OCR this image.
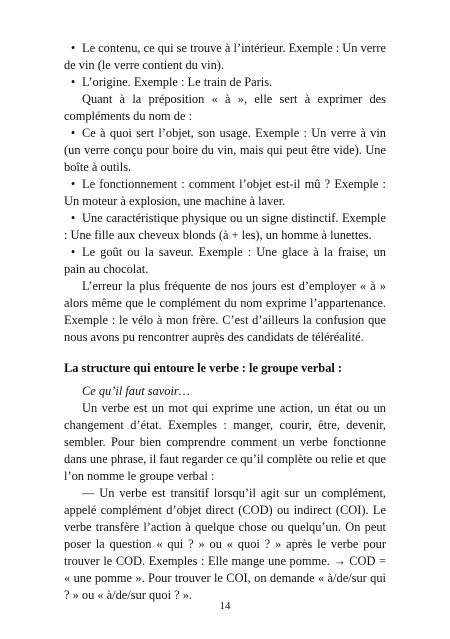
• Le contenu, ce qui se trouve à l’intérieur. Exemple : Un verre de vin (le verre contient du vin).

• L’origine. Exemple : Le train de Paris.

Quant à la préposition « à », elle sert à exprimer des compléments du nom de :

• Ce à quoi sert l’objet, son usage. Exemple : Un verre à vin (un verre conçu pour boire du vin, mais qui peut être vide). Une boîte à outils.

• Le fonctionnement : comment l’objet est-il mû ? Exemple : Un moteur à explosion, une machine à laver.

• Une caractéristique physique ou un signe distinctif. Exemple : Une fille aux cheveux blonds (à + les), un homme à lunettes.

• Le goût ou la saveur. Exemple : Une glace à la fraise, un pain au chocolat.

L’erreur la plus fréquente de nos jours est d’employer « à » alors même que le complément du nom exprime l’appartenance. Exemple : le vélo à mon frère. C’est d’ailleurs la confusion que nous avons pu rencontrer auprès des candidats de téléréalité.

La structure qui entoure le verbe : le groupe verbal :

Ce qu’il faut savoir…

Un verbe est un mot qui exprime une action, un état ou un changement d’état. Exemples : manger, courir, être, devenir, sembler. Pour bien comprendre comment un verbe fonctionne dans une phrase, il faut regarder ce qu’il complète ou relie et que l’on nomme le groupe verbal :

— Un verbe est transitif lorsqu’il agit sur un complément, appelé complément d’objet direct (COD) ou indirect (COI). Le verbe transfère l’action à quelque chose ou quelqu’un. On peut poser la question « qui ? » ou « quoi ? » après le verbe pour trouver le COD. Exemples : Elle mange une pomme. → COD = « une pomme ». Pour trouver le COI, on demande « à/de/sur qui ? » ou « à/de/sur quoi ? ».

14
